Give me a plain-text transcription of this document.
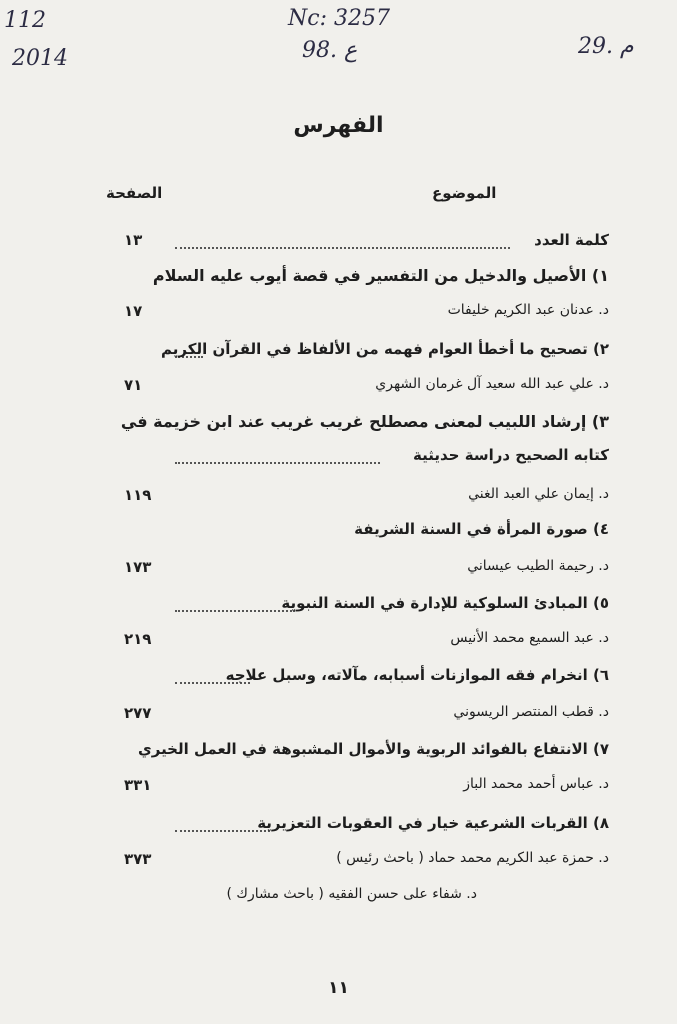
112
2014
Nc: 3257
98. ع	29. م
الفهرس
الموضوع
الصفحة
كلمة العدد
١٣
١) الأصيل والدخيل من التفسير في قصة أيوب عليه السلام
د. عدنان عبد الكريم خليفات
١٧
٢) تصحيح ما أخطأ العوام فهمه من الألفاظ في القرآن الكريم
د. علي عبد الله سعيد آل غرمان الشهري
٧١
٣) إرشاد اللبيب لمعنى مصطلح غريب غريب عند ابن خزيمة في
كتابه الصحيح دراسة حديثية
د. إيمان علي العبد الغني
١١٩
٤) صورة المرأة في السنة الشريفة
د. رحيمة الطيب عيساني
١٧٣
٥) المبادئ السلوكية للإدارة في السنة النبوية
د. عبد السميع محمد الأنيس
٢١٩
٦) انخرام فقه الموازنات أسبابه، مآلاته، وسبل علاجه
د. قطب المنتصر الريسوني
٢٧٧
٧) الانتفاع بالفوائد الربوية والأموال المشبوهة في العمل الخيري
د. عباس أحمد محمد الباز
٣٣١
٨) القربات الشرعية خيار في العقوبات التعزيرية
د. حمزة عبد الكريم محمد حماد ( باحث رئيس )
٣٧٣
د. شفاء على حسن الفقيه ( باحث مشارك )
١١
